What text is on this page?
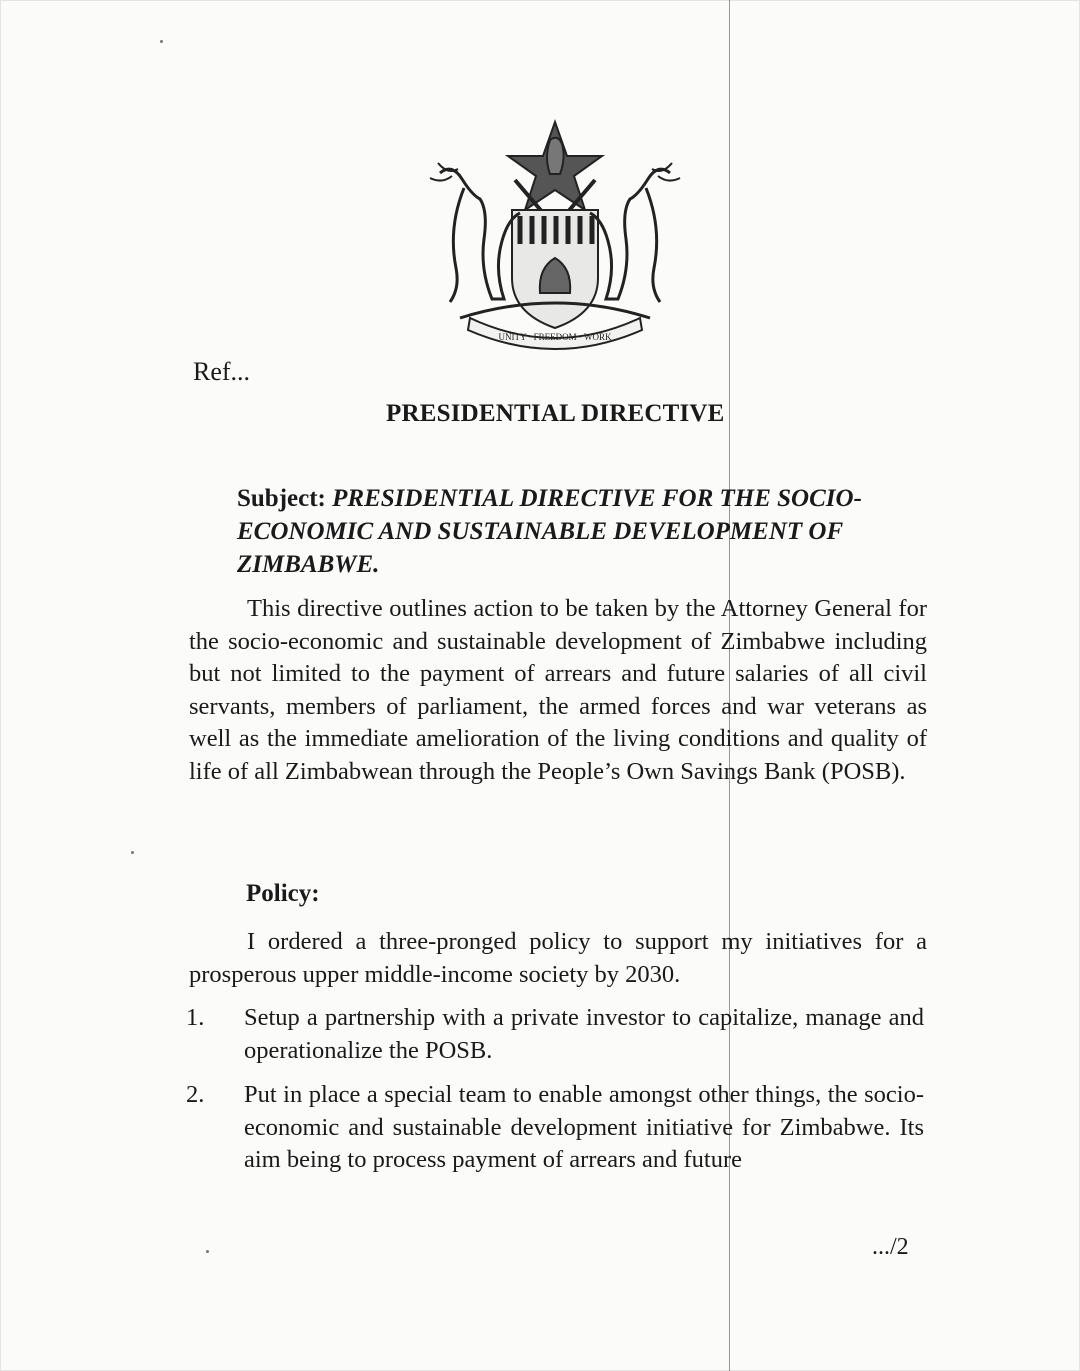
UNITY · FREEDOM · WORK
Ref...
PRESIDENTIAL DIRECTIVE
Subject: PRESIDENTIAL DIRECTIVE FOR THE SOCIO-ECONOMIC AND SUSTAINABLE DEVELOPMENT OF ZIMBABWE.
This directive outlines action to be taken by the Attorney General for the socio-economic and sustainable development of Zimbabwe including but not limited to the payment of arrears and future salaries of all civil servants, members of parliament, the armed forces and war veterans as well as the immediate amelioration of the living conditions and quality of life of all Zimbabwean through the People’s Own Savings Bank (POSB).
Policy:
I ordered a three-pronged policy to support my initiatives for a prosperous upper middle-income society by 2030.
1. Setup a partnership with a private investor to capitalize, manage and operationalize the POSB.
2. Put in place a special team to enable amongst other things, the socio-economic and sustainable development initiative for Zimbabwe. Its aim being to process payment of arrears and future
.../2
